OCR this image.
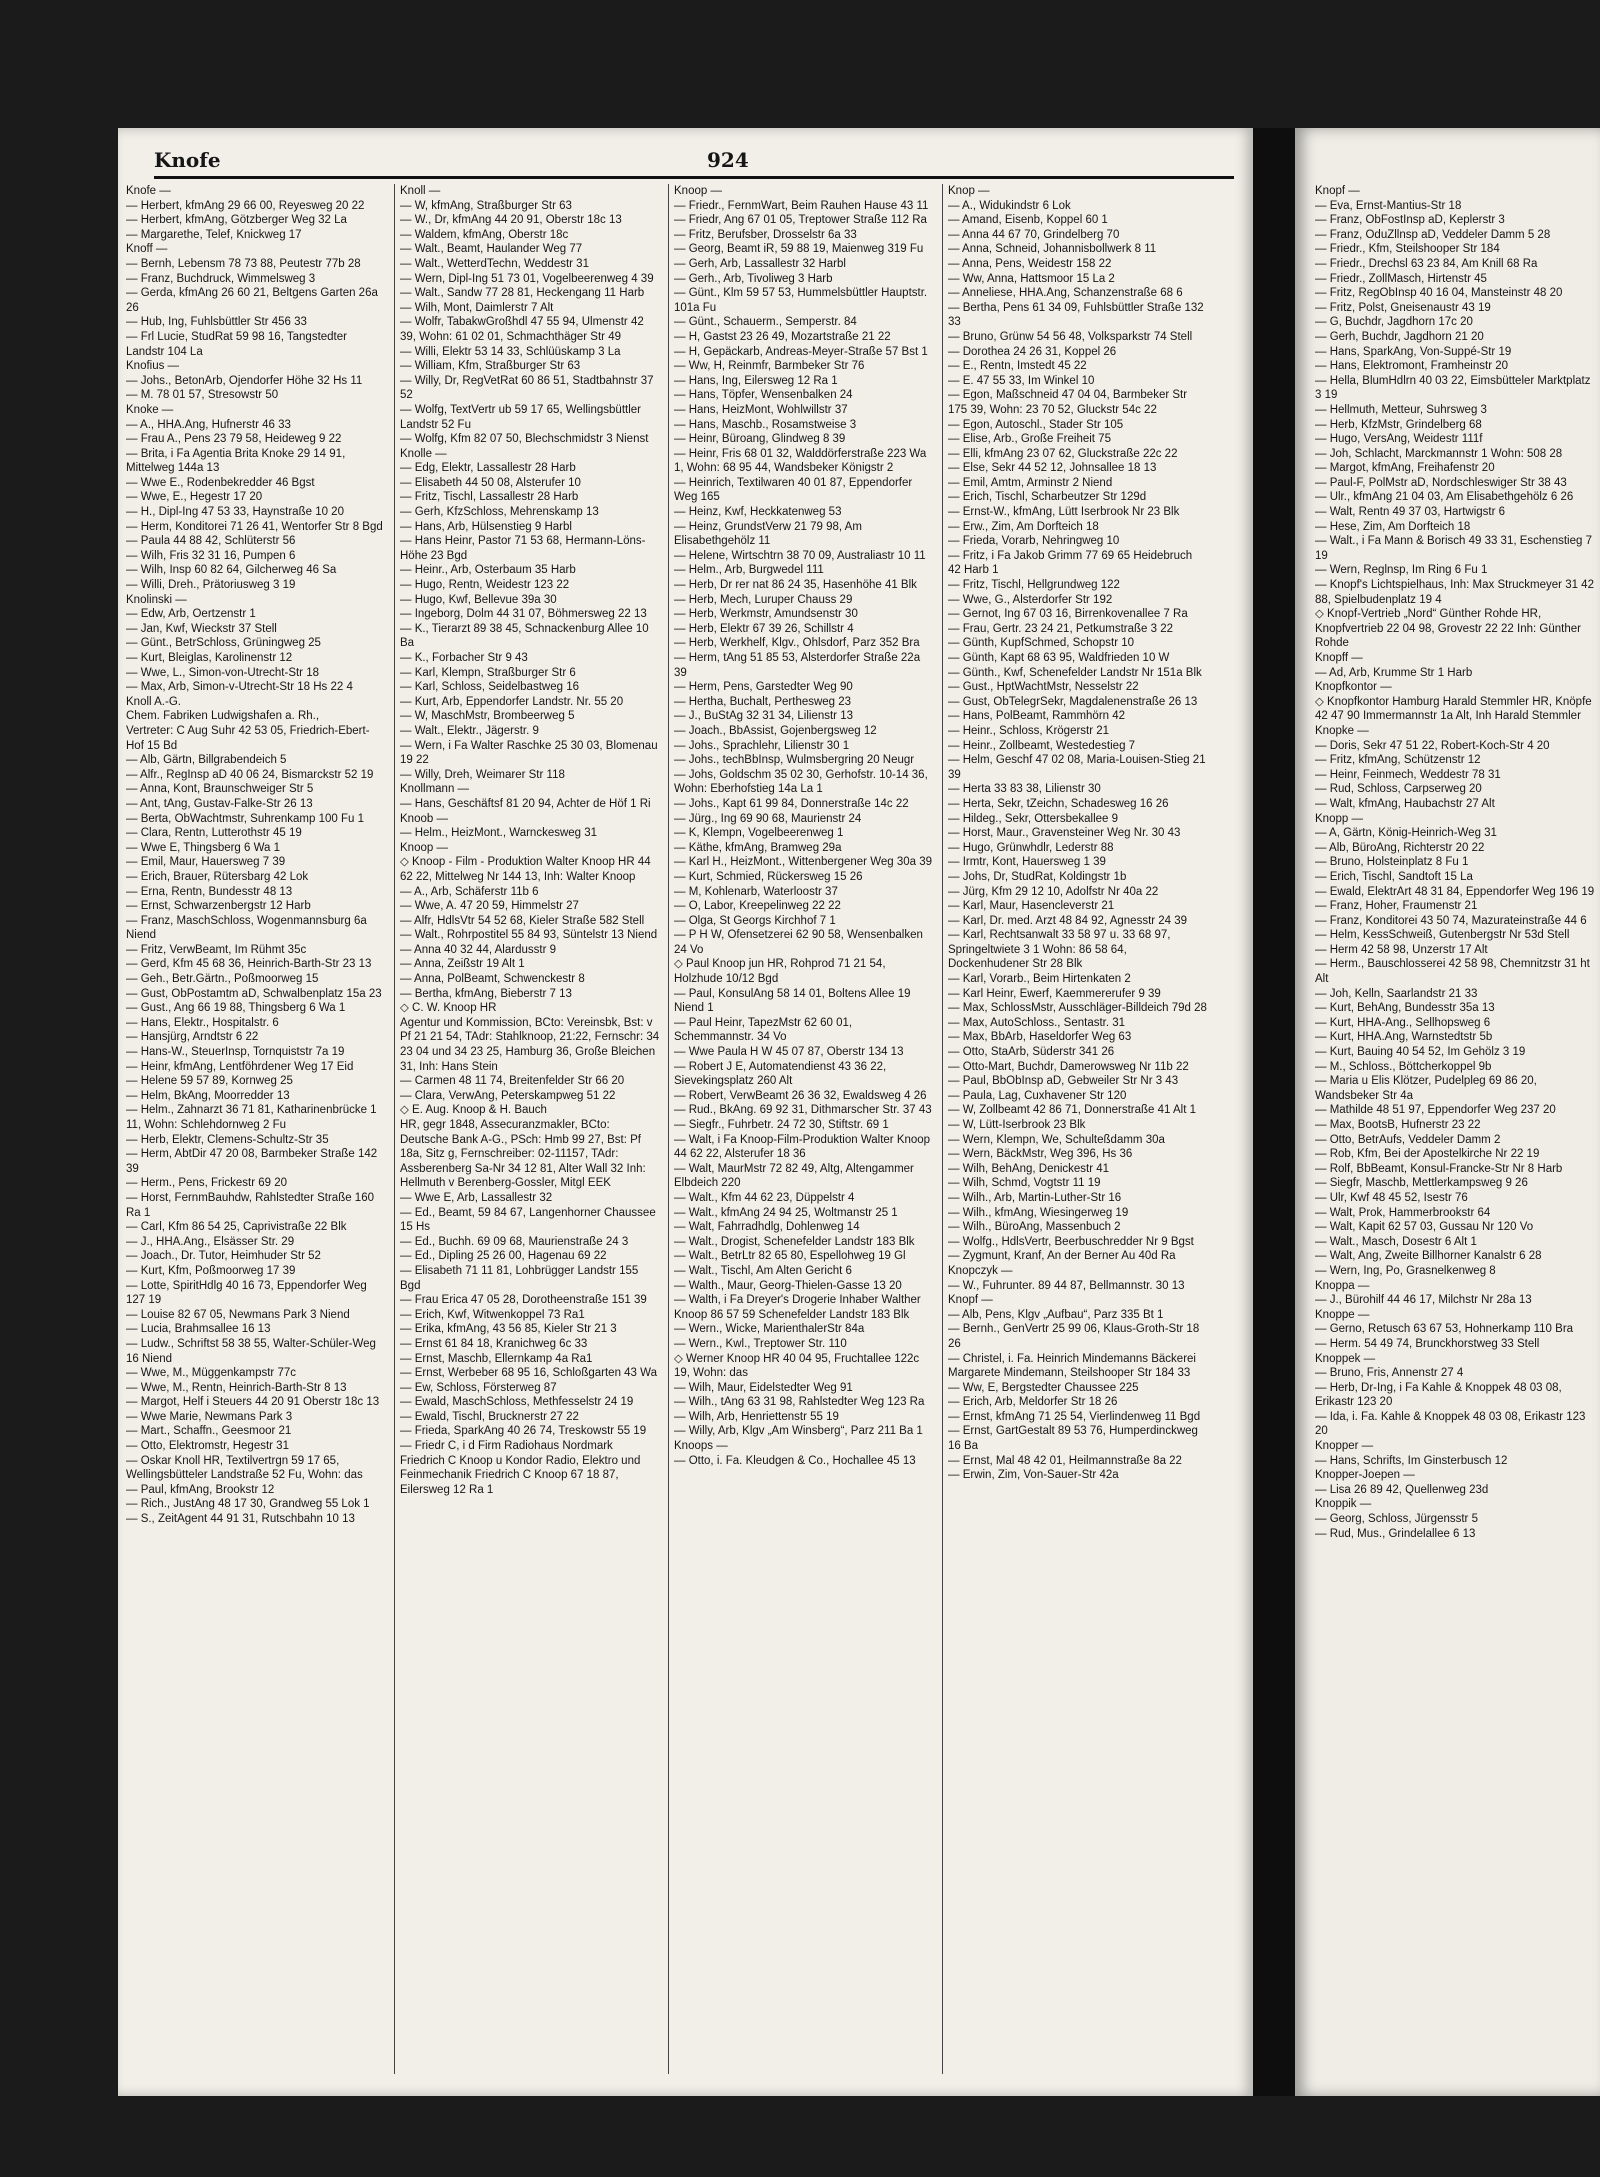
Knofe	924

Knofe —
— Herbert, kfmAng 29 66 00, Reyesweg 20 22
— Herbert, kfmAng, Götzberger Weg 32 La
— Margarethe, Telef, Knickweg 17
Knoff —
— Bernh, Lebensm 78 73 88, Peutestr 77b 28
— Franz, Buchdruck, Wimmelsweg 3
— Gerda, kfmAng 26 60 21, Beltgens Garten 26a 26
— Hub, Ing, Fuhlsbüttler Str 456 33
— Frl Lucie, StudRat 59 98 16, Tangstedter Landstr 104 La
Knofius —
— Johs., BetonArb, Ojendorfer Höhe 32 Hs 11
— M. 78 01 57, Stresowstr 50
Knoke —
— A., HHA.Ang, Hufnerstr 46 33
— Frau A., Pens 23 79 58, Heideweg 9 22
— Brita, i Fa Agentia Brita Knoke 29 14 91, Mittelweg 144a 13
— Wwe E., Rodenbekredder 46 Bgst
— Wwe, E., Hegestr 17 20
— H., Dipl-Ing 47 53 33, Haynstraße 10 20
— Herm, Konditorei 71 26 41, Wentorfer Str 8 Bgd
— Paula 44 88 42, Schlüterstr 56
— Wilh, Fris 32 31 16, Pumpen 6
— Wilh, Insp 60 82 64, Gilcherweg 46 Sa
— Willi, Dreh., Prätoriusweg 3 19
Knolinski —
— Edw, Arb, Oertzenstr 1
— Jan, Kwf, Wieckstr 37 Stell
— Günt., BetrSchloss, Grüningweg 25
— Kurt, Bleiglas, Karolinenstr 12
— Wwe, L., Simon-von-Utrecht-Str 18
— Max, Arb, Simon-v-Utrecht-Str 18 Hs 22 4
Knoll A.-G.
Chem. Fabriken Ludwigshafen a. Rh.,
Vertreter: C Aug Suhr 42 53 05, Friedrich-Ebert-Hof 15 Bd
— Alb, Gärtn, Billgrabendeich 5
— Alfr., RegInsp aD 40 06 24, Bismarckstr 52 19
— Anna, Kont, Braunschweiger Str 5
— Ant, tAng, Gustav-Falke-Str 26 13
— Berta, ObWachtmstr, Suhrenkamp 100 Fu 1
— Clara, Rentn, Lutterothstr 45 19
— Wwe E, Thingsberg 6 Wa 1
— Emil, Maur, Hauersweg 7 39
— Erich, Brauer, Rütersbarg 42 Lok
— Erna, Rentn, Bundesstr 48 13
— Ernst, Schwarzenbergstr 12 Harb
— Franz, MaschSchloss, Wogenmannsburg 6a Niend
— Fritz, VerwBeamt, Im Rühmt 35c
— Gerd, Kfm 45 68 36, Heinrich-Barth-Str 23 13
— Geh., Betr.Gärtn., Poßmoorweg 15
— Gust, ObPostamtm aD, Schwalbenplatz 15a 23
— Gust., Ang 66 19 88, Thingsberg 6 Wa 1
— Hans, Elektr., Hospitalstr. 6
— Hansjürg, Arndtstr 6 22
— Hans-W., SteuerInsp, Tornquiststr 7a 19
— Heinr, kfmAng, Lentföhrdener Weg 17 Eid
— Helene 59 57 89, Kornweg 25
— Helm, BkAng, Moorredder 13
— Helm., Zahnarzt 36 71 81, Katharinenbrücke 1 11, Wohn: Schlehdornweg 2 Fu
— Herb, Elektr, Clemens-Schultz-Str 35
— Herm, AbtDir 47 20 08, Barmbeker Straße 142 39
— Herm., Pens, Frickestr 69 20
— Horst, FernmBauhdw, Rahlstedter Straße 160 Ra 1
— Carl, Kfm 86 54 25, Caprivistraße 22 Blk
— J., HHA.Ang., Elsässer Str. 29
— Joach., Dr. Tutor, Heimhuder Str 52
— Kurt, Kfm, Poßmoorweg 17 39
— Lotte, SpiritHdlg 40 16 73, Eppendorfer Weg 127 19
— Louise 82 67 05, Newmans Park 3 Niend
— Lucia, Brahmsallee 16 13
— Ludw., Schriftst 58 38 55, Walter-Schüler-Weg 16 Niend
— Wwe, M., Müggenkampstr 77c
— Wwe, M., Rentn, Heinrich-Barth-Str 8 13
— Margot, Helf i Steuers 44 20 91 Oberstr 18c 13
— Wwe Marie, Newmans Park 3
— Mart., Schaffn., Geesmoor 21
— Otto, Elektromstr, Hegestr 31
— Oskar Knoll HR, Textilvertrgn 59 17 65, Wellingsbütteler Landstraße 52 Fu, Wohn: das
— Paul, kfmAng, Brookstr 12
— Rich., JustAng 48 17 30, Grandweg 55 Lok 1
— S., ZeitAgent 44 91 31, Rutschbahn 10 13

Knoll —
— W, kfmAng, Straßburger Str 63
— W., Dr, kfmAng 44 20 91, Oberstr 18c 13
— Waldem, kfmAng, Oberstr 18c
— Walt., Beamt, Haulander Weg 77
— Walt., WetterdTechn, Weddestr 31
— Wern, Dipl-Ing 51 73 01, Vogelbeerenweg 4 39
— Walt., Sandw 77 28 81, Heckengang 11 Harb
— Wilh, Mont, Daimlerstr 7 Alt
— Wolfr, TabakwGroßhdl 47 55 94, Ulmenstr 42 39, Wohn: 61 02 01, Schmachthäger Str 49
— Willi, Elektr 53 14 33, Schlüüskamp 3 La
— William, Kfm, Straßburger Str 63
— Willy, Dr, RegVetRat 60 86 51, Stadtbahnstr 37 52
— Wolfg, TextVertr ub 59 17 65, Wellingsbüttler Landstr 52 Fu
— Wolfg, Kfm 82 07 50, Blechschmidstr 3 Nienst
Knolle —
— Edg, Elektr, Lassallestr 28 Harb
— Elisabeth 44 50 08, Alsterufer 10
— Fritz, Tischl, Lassallestr 28 Harb
— Gerh, KfzSchloss, Mehrenskamp 13
— Hans, Arb, Hülsenstieg 9 Harbl
— Hans Heinr, Pastor 71 53 68, Hermann-Löns-Höhe 23 Bgd
— Heinr., Arb, Osterbaum 35 Harb
— Hugo, Rentn, Weidestr 123 22
— Hugo, Kwf, Bellevue 39a 30
— Ingeborg, Dolm 44 31 07, Böhmersweg 22 13
— K., Tierarzt 89 38 45, Schnackenburg Allee 10 Ba
— K., Forbacher Str 9 43
— Karl, Klempn, Straßburger Str 6
— Karl, Schloss, Seidelbastweg 16
— Kurt, Arb, Eppendorfer Landstr. Nr. 55 20
— W, MaschMstr, Brombeerweg 5
— Walt., Elektr., Jägerstr. 9
— Wern, i Fa Walter Raschke 25 30 03, Blomenau 19 22
— Willy, Dreh, Weimarer Str 118
Knollmann —
— Hans, Geschäftsf 81 20 94, Achter de Höf 1 Ri
Knoob —
— Helm., HeizMont., Warnckesweg 31
Knoop —
◇ Knoop - Film - Produktion Walter Knoop HR 44 62 22, Mittelweg Nr 144 13, Inh: Walter Knoop
— A., Arb, Schäferstr 11b 6
— Wwe, A. 47 20 59, Himmelstr 27
— Alfr, HdlsVtr 54 52 68, Kieler Straße 582 Stell
— Walt., Rohrpostitel 55 84 93, Süntelstr 13 Niend
— Anna 40 32 44, Alardusstr 9
— Anna, Zeißstr 19 Alt 1
— Anna, PolBeamt, Schwenckestr 8
— Bertha, kfmAng, Bieberstr 7 13
◇ C. W. Knoop HR
Agentur und Kommission, BCto: Vereinsbk, Bst: v Pf 21 21 54, TAdr: Stahlknoop, 21:22, Fernschr: 34 23 04 und 34 23 25, Hamburg 36, Große Bleichen 31, Inh: Hans Stein
— Carmen 48 11 74, Breitenfelder Str 66 20
— Clara, VerwAng, Peterskampweg 51 22
◇ E. Aug. Knoop & H. Bauch
HR, gegr 1848, Assecuranzmakler, BCto: Deutsche Bank A-G., PSch: Hmb 99 27, Bst: Pf 18a, Sitz g, Fernschreiber: 02-11157, TAdr: Assberenberg Sa-Nr 34 12 81, Alter Wall 32 Inh: Hellmuth v Berenberg-Gossler, Mitgl EEK
— Wwe E, Arb, Lassallestr 32
— Ed., Beamt, 59 84 67, Langenhorner Chaussee 15 Hs
— Ed., Buchh. 69 09 68, Maurienstraße 24 3
— Ed., Dipling 25 26 00, Hagenau 69 22
— Elisabeth 71 11 81, Lohbrügger Landstr 155 Bgd
— Frau Erica 47 05 28, Dorotheenstraße 151 39
— Erich, Kwf, Witwenkoppel 73 Ra1
— Erika, kfmAng, 43 56 85, Kieler Str 21 3
— Ernst 61 84 18, Kranichweg 6c 33
— Ernst, Maschb, Ellernkamp 4a Ra1
— Ernst, Werbeber 68 95 16, Schloßgarten 43 Wa
— Ew, Schloss, Försterweg 87
— Ewald, MaschSchloss, Methfesselstr 24 19
— Ewald, Tischl, Brucknerstr 27 22
— Frieda, SparkAng 40 26 74, Treskowstr 55 19
— Friedr C, i d Firm Radiohaus Nordmark Friedrich C Knoop u Kondor Radio, Elektro und Feinmechanik Friedrich C Knoop 67 18 87, Eilersweg 12 Ra 1

Knoop —
— Friedr., FernmWart, Beim Rauhen Hause 43 11
— Friedr, Ang 67 01 05, Treptower Straße 112 Ra
— Fritz, Berufsber, Drosselstr 6a 33
— Georg, Beamt iR, 59 88 19, Maienweg 319 Fu
— Gerh, Arb, Lassallestr 32 Harbl
— Gerh., Arb, Tivoliweg 3 Harb
— Günt., Klm 59 57 53, Hummelsbüttler Hauptstr. 101a Fu
— Günt., Schauerm., Semperstr. 84
— H, Gastst 23 26 49, Mozartstraße 21 22
— H, Gepäckarb, Andreas-Meyer-Straße 57 Bst 1
— Ww, H, Reinmfr, Barmbeker Str 76
— Hans, Ing, Eilersweg 12 Ra 1
— Hans, Töpfer, Wensenbalken 24
— Hans, HeizMont, Wohlwillstr 37
— Hans, Maschb., Rosamstweise 3
— Heinr, Büroang, Glindweg 8 39
— Heinr, Fris 68 01 32, Walddörferstraße 223 Wa 1, Wohn: 68 95 44, Wandsbeker Königstr 2
— Heinrich, Textilwaren 40 01 87, Eppendorfer Weg 165
— Heinz, Kwf, Heckkatenweg 53
— Heinz, GrundstVerw 21 79 98, Am Elisabethgehölz 11
— Helene, Wirtschtrn 38 70 09, Australiastr 10 11
— Helm., Arb, Burgwedel 111
— Herb, Dr rer nat 86 24 35, Hasenhöhe 41 Blk
— Herb, Mech, Luruper Chauss 29
— Herb, Werkmstr, Amundsenstr 30
— Herb, Elektr 67 39 26, Schillstr 4
— Herb, Werkhelf, Klgv., Ohlsdorf, Parz 352 Bra
— Herm, tAng 51 85 53, Alsterdorfer Straße 22a 39
— Herm, Pens, Garstedter Weg 90
— Hertha, Buchalt, Perthesweg 23
— J., BuStAg 32 31 34, Lilienstr 13
— Joach., BbAssist, Gojenbergsweg 12
— Johs., Sprachlehr, Lilienstr 30 1
— Johs., techBbInsp, Wulmsbergring 20 Neugr
— Johs, Goldschm 35 02 30, Gerhofstr. 10-14 36, Wohn: Eberhofstieg 14a La 1
— Johs., Kapt 61 99 84, Donnerstraße 14c 22
— Jürg., Ing 69 90 68, Maurienstr 24
— K, Klempn, Vogelbeerenweg 1
— Käthe, kfmAng, Bramweg 29a
— Karl H., HeizMont., Wittenbergener Weg 30a 39
— Kurt, Schmied, Rückersweg 15 26
— M, Kohlenarb, Waterloostr 37
— O, Labor, Kreepelinweg 22 22
— Olga, St Georgs Kirchhof 7 1
— P H W, Ofensetzerei 62 90 58, Wensenbalken 24 Vo
◇ Paul Knoop jun HR, Rohprod 71 21 54, Holzhude 10/12 Bgd
— Paul, KonsulAng 58 14 01, Boltens Allee 19 Niend 1
— Paul Heinr, TapezMstr 62 60 01, Schemmannstr. 34 Vo
— Wwe Paula H W 45 07 87, Oberstr 134 13
— Robert J E, Automatendienst 43 36 22, Sievekingsplatz 260 Alt
— Robert, VerwBeamt 26 36 32, Ewaldsweg 4 26
— Rud., BkAng. 69 92 31, Dithmarscher Str. 37 43
— Siegfr., Fuhrbetr. 24 72 30, Stiftstr. 69 1
— Walt, i Fa Knoop-Film-Produktion Walter Knoop 44 62 22, Alsterufer 18 36
— Walt, MaurMstr 72 82 49, Altg, Altengammer Elbdeich 220
— Walt., Kfm 44 62 23, Düppelstr 4
— Walt., kfmAng 24 94 25, Woltmanstr 25 1
— Walt, Fahrradhdlg, Dohlenweg 14
— Walt., Drogist, Schenefelder Landstr 183 Blk
— Walt., BetrLtr 82 65 80, Espellohweg 19 Gl
— Walt., Tischl, Am Alten Gericht 6
— Walth., Maur, Georg-Thielen-Gasse 13 20
— Walth, i Fa Dreyer's Drogerie Inhaber Walther Knoop 86 57 59 Schenefelder Landstr 183 Blk
— Wern., Wicke, MarienthalerStr 84a
— Wern., Kwl., Treptower Str. 110
◇ Werner Knoop HR 40 04 95, Fruchtallee 122c 19, Wohn: das
— Wilh, Maur, Eidelstedter Weg 91
— Wilh., tAng 63 31 98, Rahlstedter Weg 123 Ra
— Wilh, Arb, Henriettenstr 55 19
— Willy, Arb, Klgv „Am Winsberg“, Parz 211 Ba 1
Knoops —
— Otto, i. Fa. Kleudgen & Co., Hochallee 45 13

Knop —
— A., Widukindstr 6 Lok
— Amand, Eisenb, Koppel 60 1
— Anna 44 67 70, Grindelberg 70
— Anna, Schneid, Johannisbollwerk 8 11
— Anna, Pens, Weidestr 158 22
— Ww, Anna, Hattsmoor 15 La 2
— Anneliese, HHA.Ang, Schanzenstraße 68 6
— Bertha, Pens 61 34 09, Fuhlsbüttler Straße 132 33
— Bruno, Grünw 54 56 48, Volksparkstr 74 Stell
— Dorothea 24 26 31, Koppel 26
— E., Rentn, Imstedt 45 22
— E. 47 55 33, Im Winkel 10
— Egon, Maßschneid 47 04 04, Barmbeker Str 175 39, Wohn: 23 70 52, Gluckstr 54c 22
— Egon, Autoschl., Stader Str 105
— Elise, Arb., Große Freiheit 75
— Elli, kfmAng 23 07 62, Gluckstraße 22c 22
— Else, Sekr 44 52 12, Johnsallee 18 13
— Emil, Amtm, Arminstr 2 Niend
— Erich, Tischl, Scharbeutzer Str 129d
— Ernst-W., kfmAng, Lütt Iserbrook Nr 23 Blk
— Erw., Zim, Am Dorfteich 18
— Frieda, Vorarb, Nehringweg 10
— Fritz, i Fa Jakob Grimm 77 69 65 Heidebruch 42 Harb 1
— Fritz, Tischl, Hellgrundweg 122
— Wwe, G., Alsterdorfer Str 192
— Gernot, Ing 67 03 16, Birrenkovenallee 7 Ra
— Frau, Gertr. 23 24 21, Petkumstraße 3 22
— Günth, KupfSchmed, Schopstr 10
— Günth, Kapt 68 63 95, Waldfrieden 10 W
— Günth., Kwf, Schenefelder Landstr Nr 151a Blk
— Gust., HptWachtMstr, Nesselstr 22
— Gust, ObTelegrSekr, Magdalenenstraße 26 13
— Hans, PolBeamt, Rammhörn 42
— Heinr., Schloss, Krögerstr 21
— Heinr., Zollbeamt, Westedestieg 7
— Helm, Geschf 47 02 08, Maria-Louisen-Stieg 21 39
— Herta 33 83 38, Lilienstr 30
— Herta, Sekr, tZeichn, Schadesweg 16 26
— Hildeg., Sekr, Ottersbekallee 9
— Horst, Maur., Gravensteiner Weg Nr. 30 43
— Hugo, Grünwhdlr, Lederstr 88
— Irmtr, Kont, Hauersweg 1 39
— Johs, Dr, StudRat, Koldingstr 1b
— Jürg, Kfm 29 12 10, Adolfstr Nr 40a 22
— Karl, Maur, Hasencleverstr 21
— Karl, Dr. med. Arzt 48 84 92, Agnesstr 24 39
— Karl, Rechtsanwalt 33 58 97 u. 33 68 97, Springeltwiete 3 1 Wohn: 86 58 64, Dockenhudener Str 28 Blk
— Karl, Vorarb., Beim Hirtenkaten 2
— Karl Heinr, Ewerf, Kaemmererufer 9 39
— Max, SchlossMstr, Ausschläger-Billdeich 79d 28
— Max, AutoSchloss., Sentastr. 31
— Max, BbArb, Haseldorfer Weg 63
— Otto, StaArb, Süderstr 341 26
— Otto-Mart, Buchdr, Damerowsweg Nr 11b 22
— Paul, BbObInsp aD, Gebweiler Str Nr 3 43
— Paula, Lag, Cuxhavener Str 120
— W, Zollbeamt 42 86 71, Donnerstraße 41 Alt 1
— W, Lütt-Iserbrook 23 Blk
— Wern, Klempn, We, Schulteßdamm 30a
— Wern, BäckMstr, Weg 396, Hs 36
— Wilh, BehAng, Denickestr 41
— Wilh, Schmd, Vogtstr 11 19
— Wilh., Arb, Martin-Luther-Str 16
— Wilh., kfmAng, Wiesingerweg 19
— Wilh., BüroAng, Massenbuch 2
— Wolfg., HdlsVertr, Beerbuschredder Nr 9 Bgst
— Zygmunt, Kranf, An der Berner Au 40d Ra
Knopczyk —
— W., Fuhrunter. 89 44 87, Bellmannstr. 30 13
Knopf —
— Alb, Pens, Klgv „Aufbau“, Parz 335 Bt 1
— Bernh., GenVertr 25 99 06, Klaus-Groth-Str 18 26
— Christel, i. Fa. Heinrich Mindemanns Bäckerei Margarete Mindemann, Steilshooper Str 184 33
— Ww, E, Bergstedter Chaussee 225
— Erich, Arb, Meldorfer Str 18 26
— Ernst, kfmAng 71 25 54, Vierlindenweg 11 Bgd
— Ernst, GartGestalt 89 53 76, Humperdinckweg 16 Ba
— Ernst, Mal 48 42 01, Heilmannstraße 8a 22
— Erwin, Zim, Von-Sauer-Str 42a

Knopf —
— Eva, Ernst-Mantius-Str 18
— Franz, ObFostInsp aD, Keplerstr 3
— Franz, OduZllnsp aD, Veddeler Damm 5 28
— Friedr., Kfm, Steilshooper Str 184
— Friedr., Drechsl 63 23 84, Am Knill 68 Ra
— Friedr., ZollMasch, Hirtenstr 45
— Fritz, RegObInsp 40 16 04, Mansteinstr 48 20
— Fritz, Polst, Gneisenaustr 43 19
— G, Buchdr, Jagdhorn 17c 20
— Gerh, Buchdr, Jagdhorn 21 20
— Hans, SparkAng, Von-Suppé-Str 19
— Hans, Elektromont, Framheinstr 20
— Hella, BlumHdlrn 40 03 22, Eimsbütteler Marktplatz 3 19
— Hellmuth, Metteur, Suhrsweg 3
— Herb, KfzMstr, Grindelberg 68
— Hugo, VersAng, Weidestr 111f
— Joh, Schlacht, Marckmannstr 1 Wohn: 508 28
— Margot, kfmAng, Freihafenstr 20
— Paul-F, PolMstr aD, Nordschleswiger Str 38 43
— Ulr., kfmAng 21 04 03, Am Elisabethgehölz 6 26
— Walt, Rentn 49 37 03, Hartwigstr 6
— Hese, Zim, Am Dorfteich 18
— Walt., i Fa Mann & Borisch 49 33 31, Eschenstieg 7 19
— Wern, Reglnsp, Im Ring 6 Fu 1
— Knopf's Lichtspielhaus, Inh: Max Struckmeyer 31 42 88, Spielbudenplatz 19 4
◇ Knopf-Vertrieb „Nord“ Günther Rohde HR, Knopfvertrieb 22 04 98, Grovestr 22 22 Inh: Günther Rohde
Knopff —
— Ad, Arb, Krumme Str 1 Harb
Knopfkontor —
◇ Knopfkontor Hamburg Harald Stemmler HR, Knöpfe 42 47 90 Immermannstr 1a Alt, Inh Harald Stemmler
Knopke —
— Doris, Sekr 47 51 22, Robert-Koch-Str 4 20
— Fritz, kfmAng, Schützenstr 12
— Heinr, Feinmech, Weddestr 78 31
— Rud, Schloss, Carpserweg 20
— Walt, kfmAng, Haubachstr 27 Alt
Knopp —
— A, Gärtn, König-Heinrich-Weg 31
— Alb, BüroAng, Richterstr 20 22
— Bruno, Holsteinplatz 8 Fu 1
— Erich, Tischl, Sandtoft 15 La
— Ewald, ElektrArt 48 31 84, Eppendorfer Weg 196 19
— Franz, Hoher, Fraumenstr 21
— Franz, Konditorei 43 50 74, Mazurateinstraße 44 6
— Helm, KessSchweiß, Gutenbergstr Nr 53d Stell
— Herm 42 58 98, Unzerstr 17 Alt
— Herm., Bauschlosserei 42 58 98, Chemnitzstr 31 ht Alt
— Joh, Kelln, Saarlandstr 21 33
— Kurt, BehAng, Bundesstr 35a 13
— Kurt, HHA-Ang., Sellhopsweg 6
— Kurt, HHA.Ang, Warnstedtstr 5b
— Kurt, Bauing 40 54 52, Im Gehölz 3 19
— M., Schloss., Böttcherkoppel 9b
— Maria u Elis Klötzer, Pudelpleg 69 86 20, Wandsbeker Str 4a
— Mathilde 48 51 97, Eppendorfer Weg 237 20
— Max, BootsB, Hufnerstr 23 22
— Otto, BetrAufs, Veddeler Damm 2
— Rob, Kfm, Bei der Apostelkirche Nr 22 19
— Rolf, BbBeamt, Konsul-Francke-Str Nr 8 Harb
— Siegfr, Maschb, Mettlerkampsweg 9 26
— Ulr, Kwf 48 45 52, Isestr 76
— Walt, Prok, Hammerbrookstr 64
— Walt, Kapit 62 57 03, Gussau Nr 120 Vo
— Walt., Masch, Dosestr 6 Alt 1
— Walt, Ang, Zweite Billhorner Kanalstr 6 28
— Wern, Ing, Po, Grasnelkenweg 8
Knoppa —
— J., Bürohilf 44 46 17, Milchstr Nr 28a 13
Knoppe —
— Gerno, Retusch 63 67 53, Hohnerkamp 110 Bra
— Herm. 54 49 74, Brunckhorstweg 33 Stell
Knoppek —
— Bruno, Fris, Annenstr 27 4
— Herb, Dr-Ing, i Fa Kahle & Knoppek 48 03 08, Erikastr 123 20
— Ida, i. Fa. Kahle & Knoppek 48 03 08, Erikastr 123 20
Knopper —
— Hans, Schrifts, Im Ginsterbusch 12
Knopper-Joepen —
— Lisa 26 89 42, Quellenweg 23d
Knoppik —
— Georg, Schloss, Jürgensstr 5
— Rud, Mus., Grindelallee 6 13
